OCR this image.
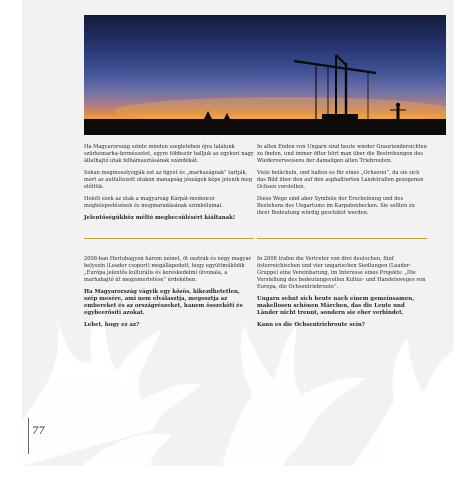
Ha Magyarország szinte minden szegletében ójra találunk szürkemarha-természetet, egyre többször halljuk az egykori nagy állathajtó utak felhámasztásának szándékát.

Sokan megmosolyogják ezt az ügyet és „marhaságnak” tartják, mert az autfaltozott utakon manapság jószágok képe jelenik meg előttük.

Holott ezek az utak a magyarság Kárpát-medencei megtelepedésének és megmaradásának szimbólumai.

Jelentőségükhöz méltó megbecsülésért kiáltanak!

In allen Enden von Ungarn sind heute wieder Grauriendersichten zu finden, und immer öfter hört man über die Bestrebungen des Wiederverweisens der damaligen alten Triebrouten.

Viele belächeln, und halten es für eines „Ochserei”, da sie sich das Bild über den auf den asphaltierten Landstraßen gezogenen Ochsen vorstellen.

Diese Wege sind aber Symbole der Erscheinung und des Bestehens des Ungartums im Karpatenbecken. Sie sollten zu ihrer Bedeutung würdig geschätzt werden.

2008-ban Hertobágyon három német, öt osztrák és négy magyar helyszín (Leader csoport) megállapodott, hogy együttműködik „Európa jelentős kulturális és kereskedelmi útvonala, a marhahajtó út megismertetése” érdekében.

Ha Magyarország vágyik egy közös, kikezdhetetlen, szép mesére, ami nem elválasztja, megosztja az embereket és az országrészeket, hanem összeköti és egybeerősíti azokat.

Lehet, hogy ez az?

In 2008 trafen die Vertreter von drei deutschen, fünf österreichischen und vier ungarischen Siedlungen (Leader-Gruppe) eine Vereinbarung, im Interesse eines Projekts: „Die Vorstellung des bedeutungsvollen Kultur- und Handelsweges von Europa, die Ochsentriebroute”.

Ungarn sehnt sich heute nach einem gemeinsamen, makellosen schönen Märchen, das die Leute und Länder nicht trennt, sondern sie eher verbindet.

Kann es die Ochsentriebroute sein?

77
